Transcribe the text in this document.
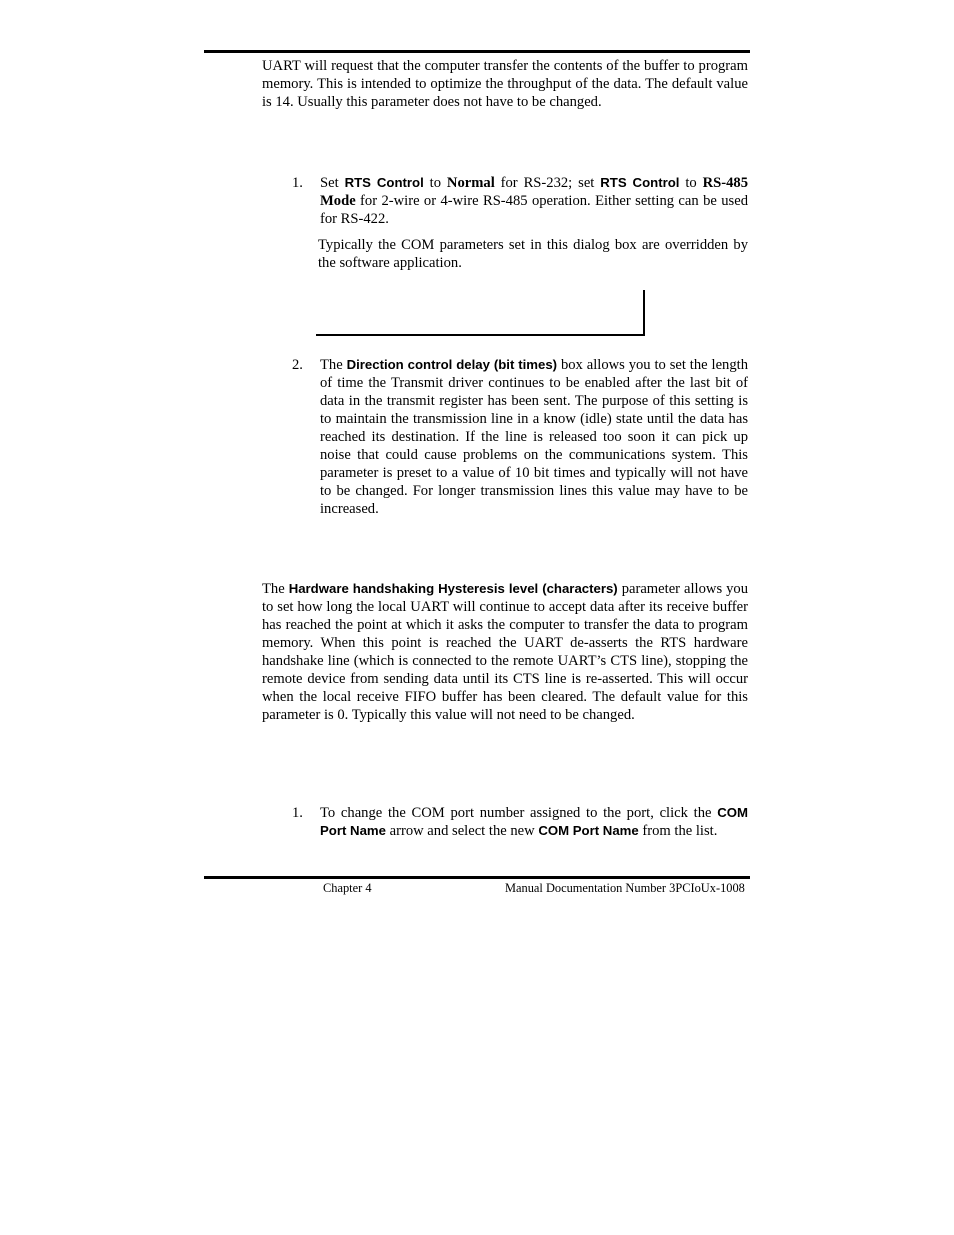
UART will request that the computer transfer the contents of the buffer to program memory. This is intended to optimize the throughput of the data. The default value is 14. Usually this parameter does not have to be changed.

1. Set RTS Control to Normal for RS-232; set RTS Control to RS-485 Mode for 2-wire or 4-wire RS-485 operation. Either setting can be used for RS-422.

Typically the COM parameters set in this dialog box are overridden by the software application.

2. The Direction control delay (bit times) box allows you to set the length of time the Transmit driver continues to be enabled after the last bit of data in the transmit register has been sent. The purpose of this setting is to maintain the transmission line in a know (idle) state until the data has reached its destination. If the line is released too soon it can pick up noise that could cause problems on the communications system. This parameter is preset to a value of 10 bit times and typically will not have to be changed. For longer transmission lines this value may have to be increased.

The Hardware handshaking Hysteresis level (characters) parameter allows you to set how long the local UART will continue to accept data after its receive buffer has reached the point at which it asks the computer to transfer the data to program memory. When this point is reached the UART de-asserts the RTS hardware handshake line (which is connected to the remote UART’s CTS line), stopping the remote device from sending data until its CTS line is re-asserted. This will occur when the local receive FIFO buffer has been cleared. The default value for this parameter is 0. Typically this value will not need to be changed.

1. To change the COM port number assigned to the port, click the COM Port Name arrow and select the new COM Port Name from the list.

Chapter 4	Manual Documentation Number 3PCIoUx-1008
